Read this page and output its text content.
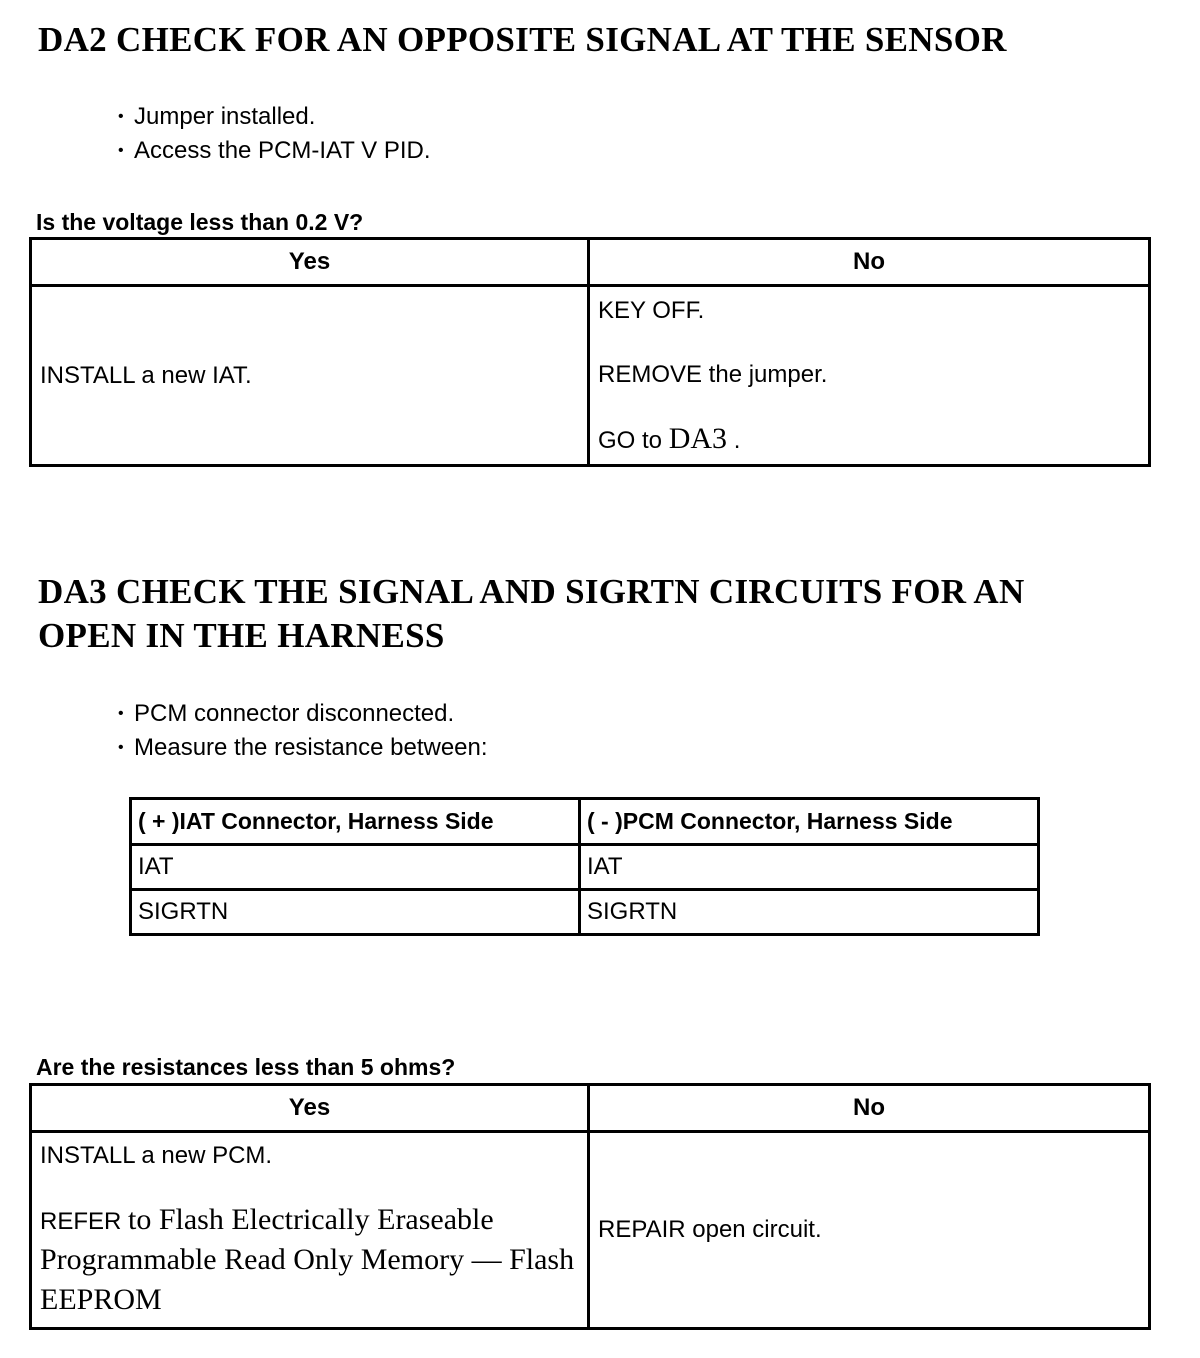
DA2 CHECK FOR AN OPPOSITE SIGNAL AT THE SENSOR
• Jumper installed.
• Access the PCM-IAT V PID.

Is the voltage less than 0.2 V?

Yes	No
INSTALL a new IAT.	KEY OFF.

REMOVE the jumper.

GO to DA3 .

DA3 CHECK THE SIGNAL AND SIGRTN CIRCUITS FOR AN
OPEN IN THE HARNESS
• PCM connector disconnected.
• Measure the resistance between:
( + )IAT Connector, Harness Side	( - )PCM Connector, Harness Side
IAT	IAT
SIGRTN	SIGRTN

Are the resistances less than 5 ohms?

Yes	No

INSTALL a new PCM.

REFER to Flash Electrically Eraseable Programmable Read Only Memory — Flash EEPROM	REPAIR open circuit.
